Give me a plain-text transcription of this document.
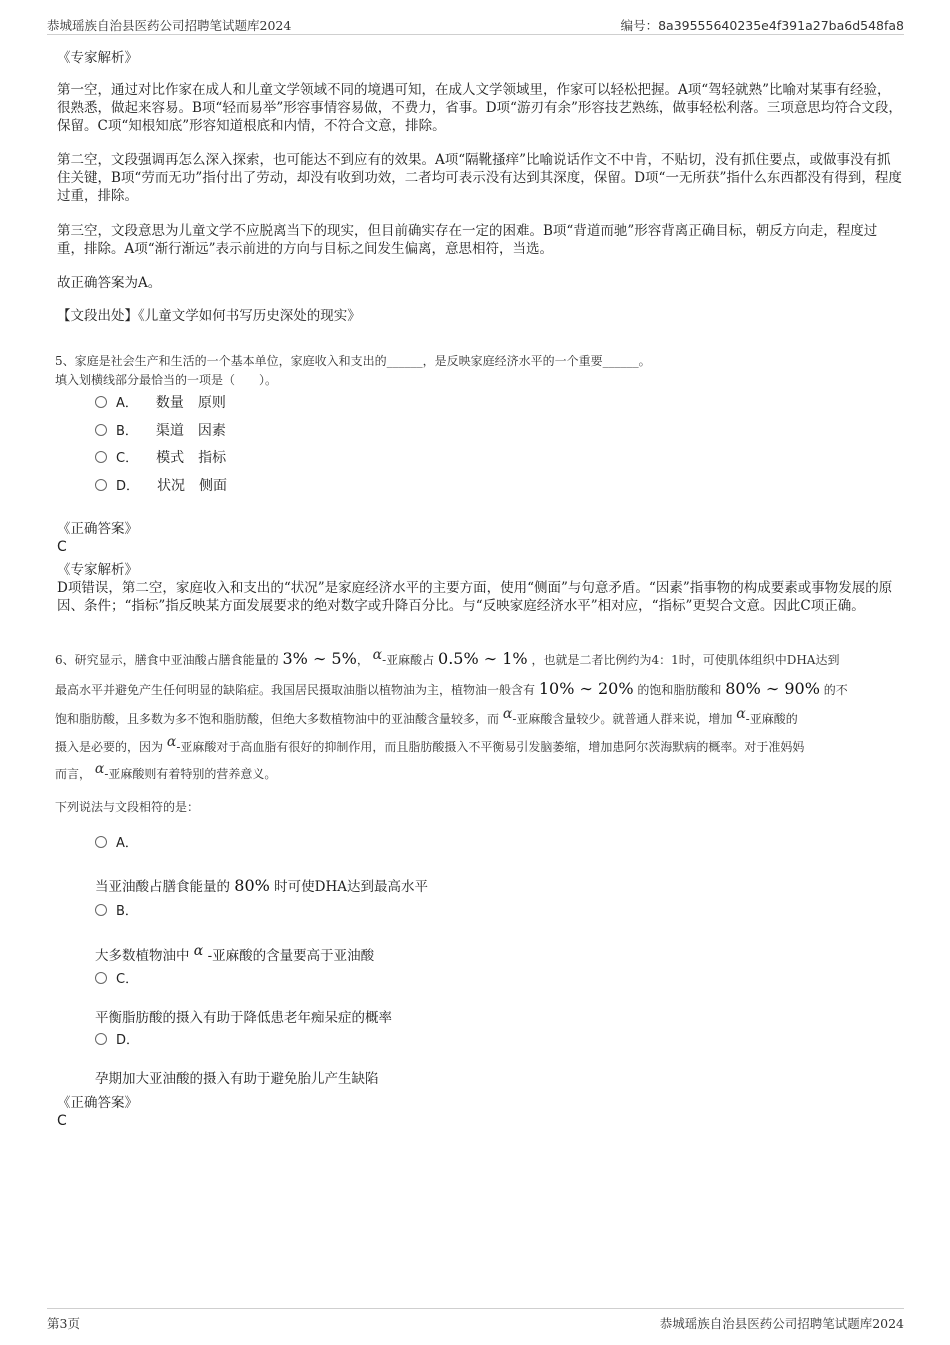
恭城瑶族自治县医药公司招聘笔试题库2024	编号：8a39555640235e4f391a27ba6d548fa8
《专家解析》
第一空，通过对比作家在成人和儿童文学领域不同的境遇可知，在成人文学领域里，作家可以轻松把握。A项“驾轻就熟”比喻对某事有经验，很熟悉，做起来容易。B项“轻而易举”形容事情容易做，不费力，省事。D项“游刃有余”形容技艺熟练，做事轻松利落。三项意思均符合文段，保留。C项“知根知底”形容知道根底和内情，不符合文意，排除。
第二空，文段强调再怎么深入探索，也可能达不到应有的效果。A项“隔靴搔痒”比喻说话作文不中肯，不贴切，没有抓住要点，或做事没有抓住关键，B项“劳而无功”指付出了劳动，却没有收到功效，二者均可表示没有达到其深度，保留。D项“一无所获”指什么东西都没有得到，程度过重，排除。
第三空，文段意思为儿童文学不应脱离当下的现实，但目前确实存在一定的困难。B项“背道而驰”形容背离正确目标，朝反方向走，程度过重，排除。A项“渐行渐远”表示前进的方向与目标之间发生偏离，意思相符，当选。
故正确答案为A。
【文段出处】《儿童文学如何书写历史深处的现实》
5、家庭是社会生产和生活的一个基本单位，家庭收入和支出的______，是反映家庭经济水平的一个重要______。
填入划横线部分最恰当的一项是（　　）。
A． 数量 原则
B． 渠道 因素
C． 模式 指标
D． 状况 侧面
《正确答案》
C
《专家解析》
D项错误，第二空，家庭收入和支出的“状况”是家庭经济水平的主要方面，使用“侧面”与句意矛盾。“因素”指事物的构成要素或事物发展的原因、条件；“指标”指反映某方面发展要求的绝对数字或升降百分比。与“反映家庭经济水平”相对应，“指标”更契合文意。因此C项正确。
6、研究显示，膳食中亚油酸占膳食能量的 3% ∼ 5%， α-亚麻酸占 0.5% ∼ 1% ，也就是二者比例约为4：1时，可使肌体组织中DHA达到
最高水平并避免产生任何明显的缺陷症。我国居民摄取油脂以植物油为主，植物油一般含有 10% ∼ 20% 的饱和脂肪酸和 80% ∼ 90% 的不
饱和脂肪酸，且多数为多不饱和脂肪酸，但绝大多数植物油中的亚油酸含量较多，而 α-亚麻酸含量较少。就普通人群来说，增加 α-亚麻酸的
摄入是必要的，因为 α-亚麻酸对于高血脂有很好的抑制作用，而且脂肪酸摄入不平衡易引发脑萎缩，增加患阿尔茨海默病的概率。对于准妈妈
而言， α-亚麻酸则有着特别的营养意义。
下列说法与文段相符的是：
A．
当亚油酸占膳食能量的 80% 时可使DHA达到最高水平
B．
大多数植物油中 α -亚麻酸的含量要高于亚油酸
C．
平衡脂肪酸的摄入有助于降低患老年痴呆症的概率
D．
孕期加大亚油酸的摄入有助于避免胎儿产生缺陷
《正确答案》
C
第3页	恭城瑶族自治县医药公司招聘笔试题库2024
